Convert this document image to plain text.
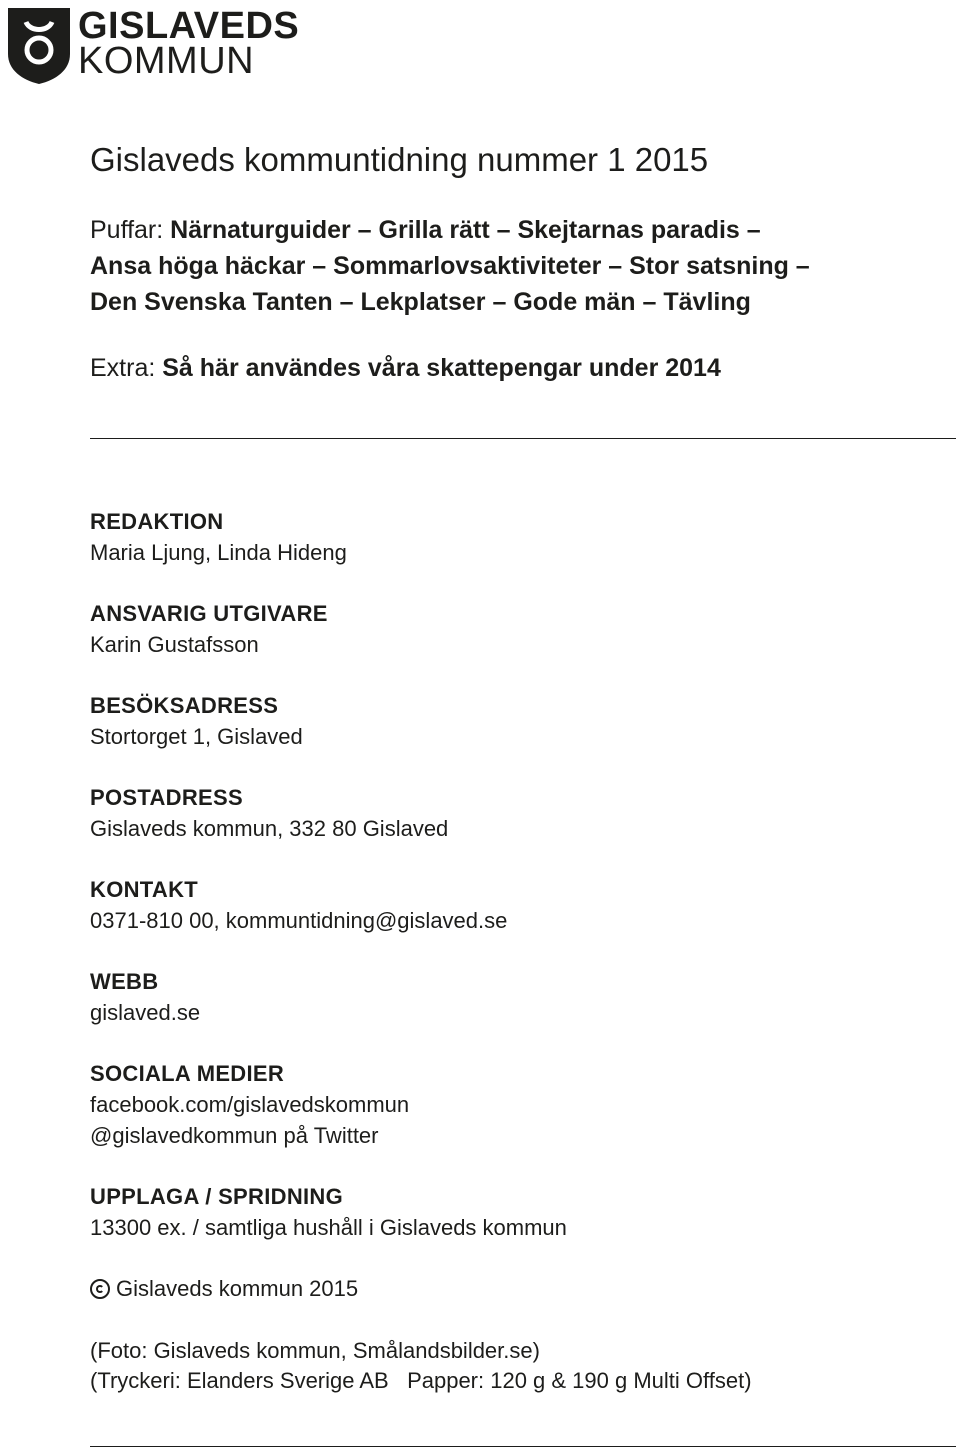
GISLAVEDS
KOMMUN
Gislaveds kommuntidning nummer 1 2015
Puffar: Närnaturguider – Grilla rätt – Skejtarnas paradis –
Ansa höga häckar – Sommarlovsaktiviteter – Stor satsning –
Den Svenska Tanten – Lekplatser – Gode män – Tävling
Extra: Så här användes våra skattepengar under 2014
REDAKTION
Maria Ljung, Linda Hideng
ANSVARIG UTGIVARE
Karin Gustafsson
BESÖKSADRESS
Stortorget 1, Gislaved
POSTADRESS
Gislaveds kommun, 332 80 Gislaved
KONTAKT
0371-810 00, kommuntidning@gislaved.se
WEBB
gislaved.se
SOCIALA MEDIER
facebook.com/gislavedskommun
@gislavedkommun på Twitter
UPPLAGA / SPRIDNING
13300 ex. / samtliga hushåll i Gislaveds kommun
Gislaveds kommun 2015
(Foto: Gislaveds kommun, Smålandsbilder.se)
(Tryckeri: Elanders Sverige AB   Papper: 120 g & 190 g Multi Offset)
